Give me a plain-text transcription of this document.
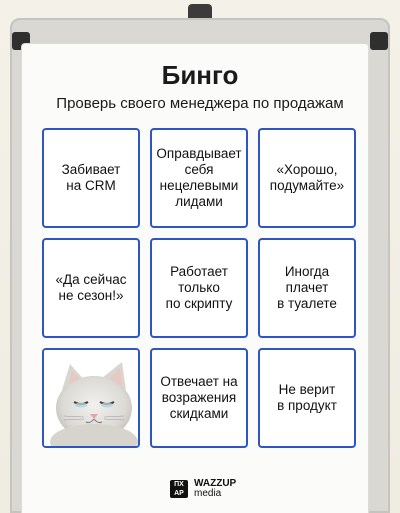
Бинго
Проверь своего менеджера по продажам
Забивает
на CRM
Оправдывает
себя
нецелевыми
лидами
«Хорошо,
подумайте»
«Да сейчас
не сезон!»
Работает
только
по скрипту
Иногда
плачет
в туалете
Отвечает на
возражения
скидками
Не верит
в продукт
ПХ
АР
WAZZUP
media
